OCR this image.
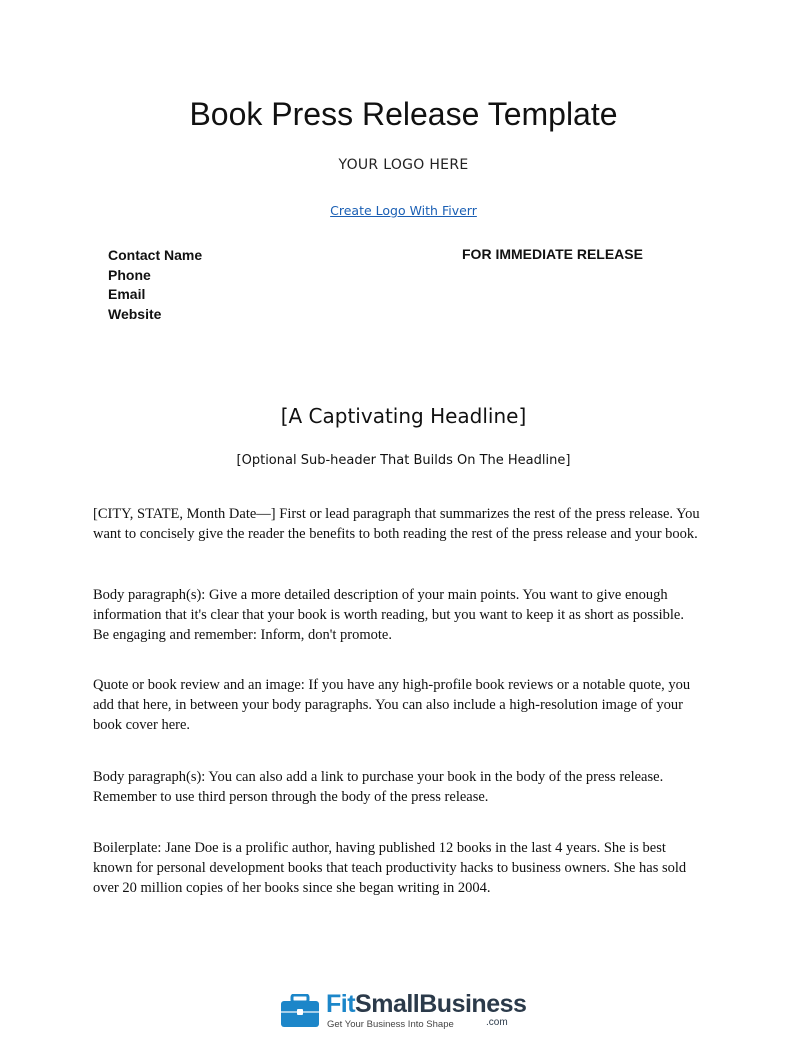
Book Press Release Template
YOUR LOGO HERE
Create Logo With Fiverr
Contact Name
Phone
Email
Website
FOR IMMEDIATE RELEASE
[A Captivating Headline]
[Optional Sub-header That Builds On The Headline]
[CITY, STATE, Month Date—] First or lead paragraph that summarizes the rest of the press release. You want to concisely give the reader the benefits to both reading the rest of the press release and your book.
Body paragraph(s): Give a more detailed description of your main points. You want to give enough information that it's clear that your book is worth reading, but you want to keep it as short as possible. Be engaging and remember: Inform, don't promote.
Quote or book review and an image: If you have any high-profile book reviews or a notable quote, you add that here, in between your body paragraphs. You can also include a high-resolution image of your book cover here.
Body paragraph(s): You can also add a link to purchase your book in the body of the press release. Remember to use third person through the body of the press release.
Boilerplate: Jane Doe is a prolific author, having published 12 books in the last 4 years. She is best known for personal development books that teach productivity hacks to business owners. She has sold over 20 million copies of her books since she began writing in 2004.
FitSmallBusiness
Get Your Business Into Shape	.com
